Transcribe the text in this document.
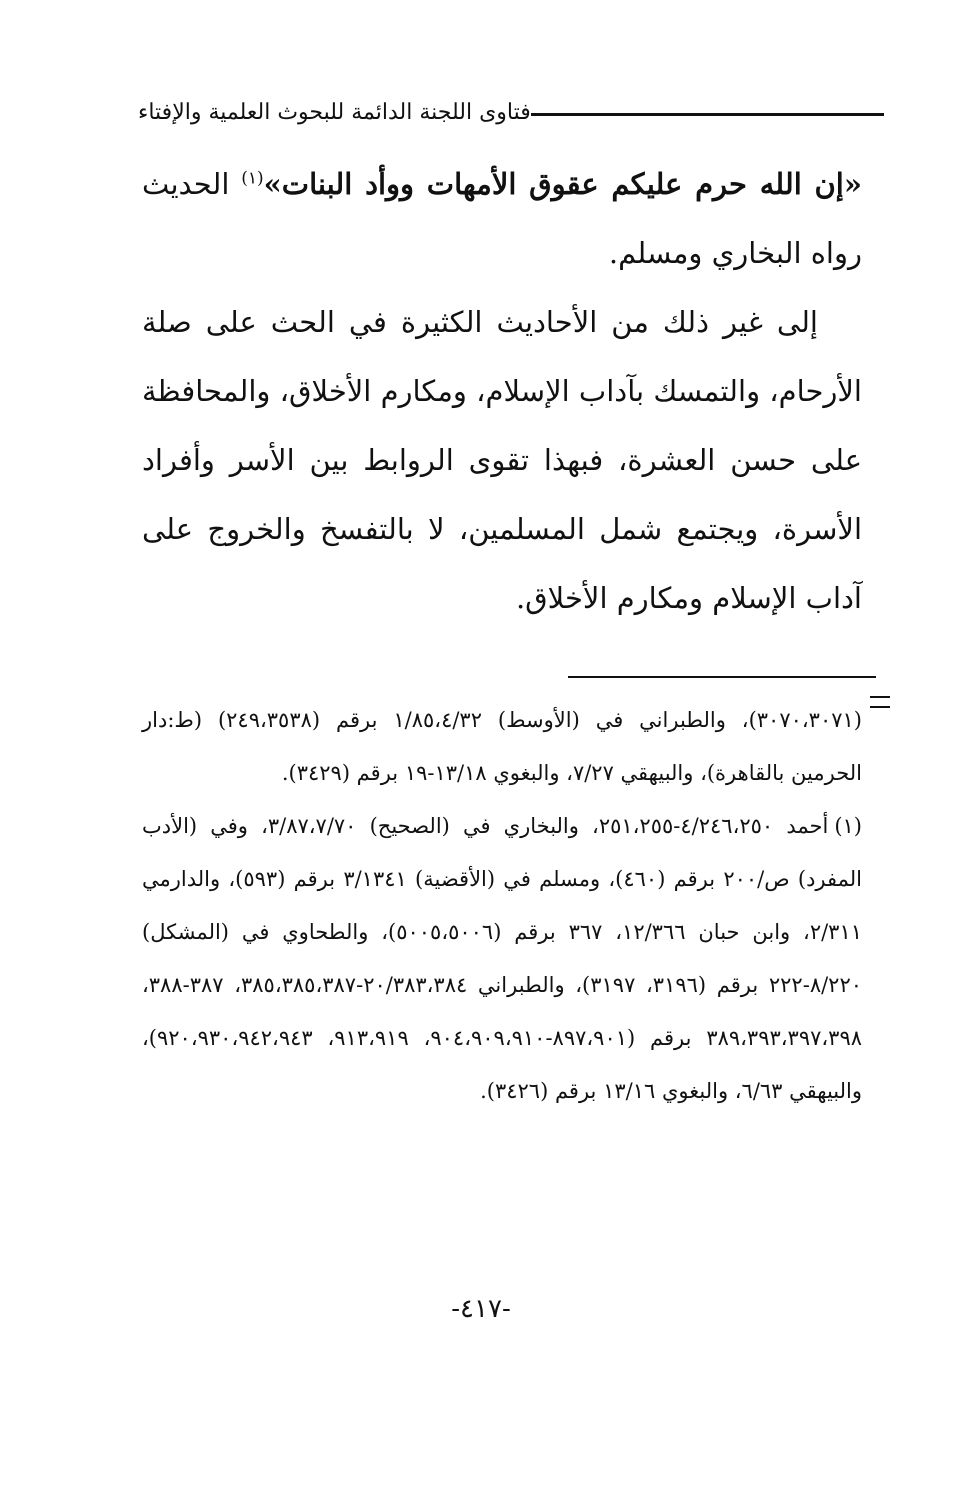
فتاوى اللجنة الدائمة للبحوث العلمية والإفتاء

«إن الله حرم عليكم عقوق الأمهات ووأد البنات»$^{(١)}$ الحديث رواه البخاري ومسلم.

إلى غير ذلك من الأحاديث الكثيرة في الحث على صلة الأرحام، والتمسك بآداب الإسلام، ومكارم الأخلاق، والمحافظة على حسن العشرة، فبهذا تقوى الروابط بين الأسر وأفراد الأسرة، ويجتمع شمل المسلمين، لا بالتفسخ والخروج على آداب الإسلام ومكارم الأخلاق.

(٣٠٧٠،٣٠٧١)، والطبراني في (الأوسط) ١/٨٥،٤/٣٢ برقم (٢٤٩،٣٥٣٨) (ط:دار الحرمين بالقاهرة)، والبيهقي ٧/٢٧، والبغوي ١٣/١٨-١٩ برقم (٣٤٢٩).

(١)أحمد ٤/٢٤٦،٢٥٠-٢٥١،٢٥٥، والبخاري في (الصحيح) ٣/٨٧،٧/٧٠، وفي (الأدب المفرد) ص/٢٠٠ برقم (٤٦٠)، ومسلم في (الأقضية) ٣/١٣٤١ برقم (٥٩٣)، والدارمي ٢/٣١١، وابن حبان ١٢/٣٦٦، ٣٦٧ برقم (٥٠٠٥،٥٠٠٦)، والطحاوي في (المشكل) ٨/٢٢٠-٢٢٢ برقم (٣١٩٦، ٣١٩٧)، والطبراني ٢٠/٣٨٣،٣٨٤-٣٨٥،٣٨٥،٣٨٧، ٣٨٧-٣٨٨، ٣٨٩،٣٩٣،٣٩٧،٣٩٨ برقم (٨٩٧،٩٠١-٩٠٤،٩٠٩،٩١٠، ٩١٣،٩١٩، ٩٢٠،٩٣٠،٩٤٢،٩٤٣)، والبيهقي ٦/٦٣، والبغوي ١٣/١٦ برقم (٣٤٢٦).

-٤١٧-
